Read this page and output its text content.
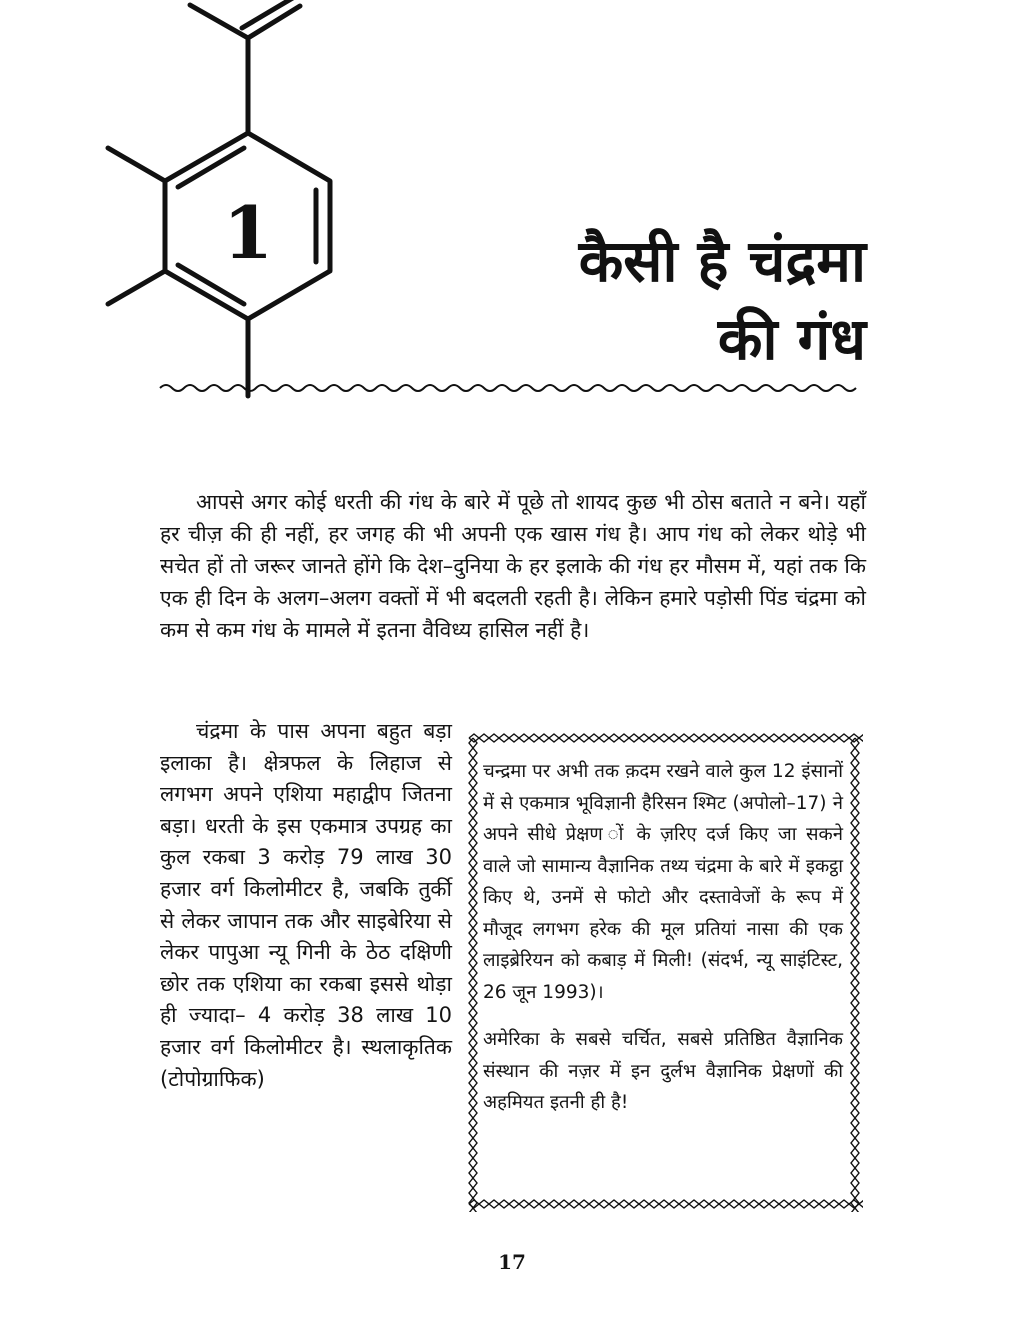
1	कैसी है चंद्रमा
की गंध

आपसे अगर कोई धरती की गंध के बारे में पूछे तो शायद कुछ भी ठोस बताते न बने। यहाँ हर चीज़ की ही नहीं, हर जगह की भी अपनी एक खास गंध है। आप गंध को लेकर थोड़े भी सचेत हों तो जरूर जानते होंगे कि देश–दुनिया के हर इलाके की गंध हर मौसम में, यहां तक कि एक ही दिन के अलग–अलग वक्तों में भी बदलती रहती है। लेकिन हमारे पड़ोसी पिंड चंद्रमा को कम से कम गंध के मामले में इतना वैविध्य हासिल नहीं है।

चंद्रमा के पास अपना बहुत बड़ा इलाका है। क्षेत्रफल के लिहाज से लगभग अपने एशिया महाद्वीप जितना बड़ा। धरती के इस एकमात्र उपग्रह का कुल रकबा 3 करोड़ 79 लाख 30 हजार वर्ग किलोमीटर है, जबकि तुर्की से लेकर जापान तक और साइबेरिया से लेकर पापुआ न्यू गिनी के ठेठ दक्षिणी छोर तक एशिया का रकबा इससे थोड़ा ही ज्यादा– 4 करोड़ 38 लाख 10 हजार वर्ग किलोमीटर है। स्थलाकृतिक (टोपोग्राफिक)

चन्द्रमा पर अभी तक क़दम रखने वाले कुल 12 इंसानों में से एकमात्र भूविज्ञानी हैरिसन श्मिट (अपोलो–17) ने अपने सीधे प्रेक्षण ों के ज़रिए दर्ज किए जा सकने वाले जो सामान्य वैज्ञानिक तथ्य चंद्रमा के बारे में इकट्ठा किए थे, उनमें से फोटो और दस्तावेजों के रूप में मौजूद लगभग हरेक की मूल प्रतियां नासा की एक लाइब्रेरियन को कबाड़ में मिली! (संदर्भ, न्यू साइंटिस्ट, 26 जून 1993)।

अमेरिका के सबसे चर्चित, सबसे प्रतिष्ठित वैज्ञानिक संस्थान की नज़र में इन दुर्लभ वैज्ञानिक प्रेक्षणों की अहमियत इतनी ही है!

17
